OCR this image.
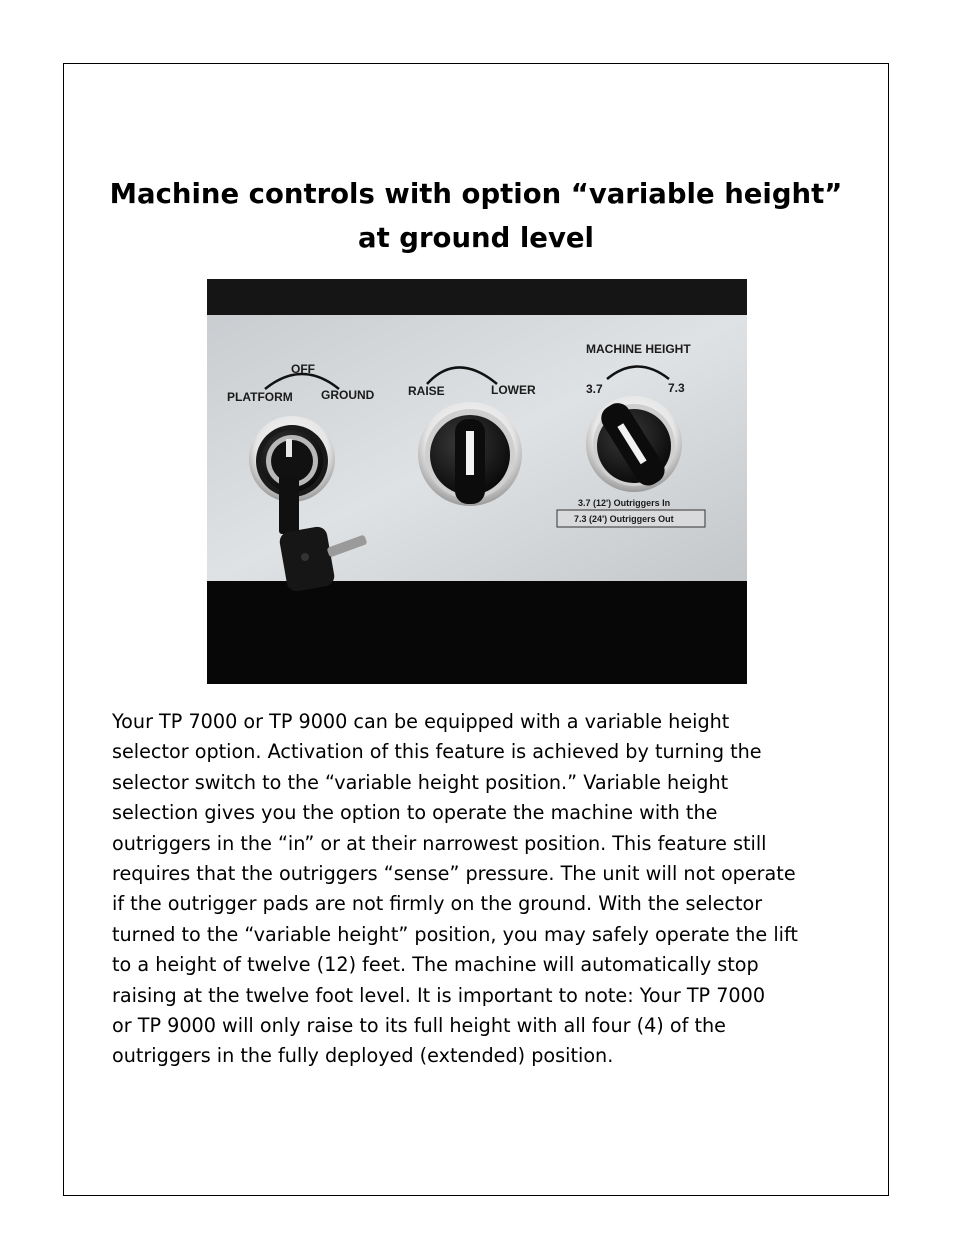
Machine controls with option “variable height”
at ground level
OFF
PLATFORM GROUND	RAISE	LOWER
MACHINE HEIGHT
3.7	7.3
3.7 (12') Outriggers In
7.3 (24') Outriggers Out

Your TP 7000 or TP 9000 can be equipped with a variable height
selector option. Activation of this feature is achieved by turning the
selector switch to the “variable height position.” Variable height
selection gives you the option to operate the machine with the
outriggers in the “in” or at their narrowest position. This feature still
requires that the outriggers “sense” pressure. The unit will not operate
if the outrigger pads are not firmly on the ground. With the selector
turned to the “variable height” position, you may safely operate the lift
to a height of twelve (12) feet. The machine will automatically stop
raising at the twelve foot level. It is important to note: Your TP 7000
or TP 9000 will only raise to its full height with all four (4) of the
outriggers in the fully deployed (extended) position.
